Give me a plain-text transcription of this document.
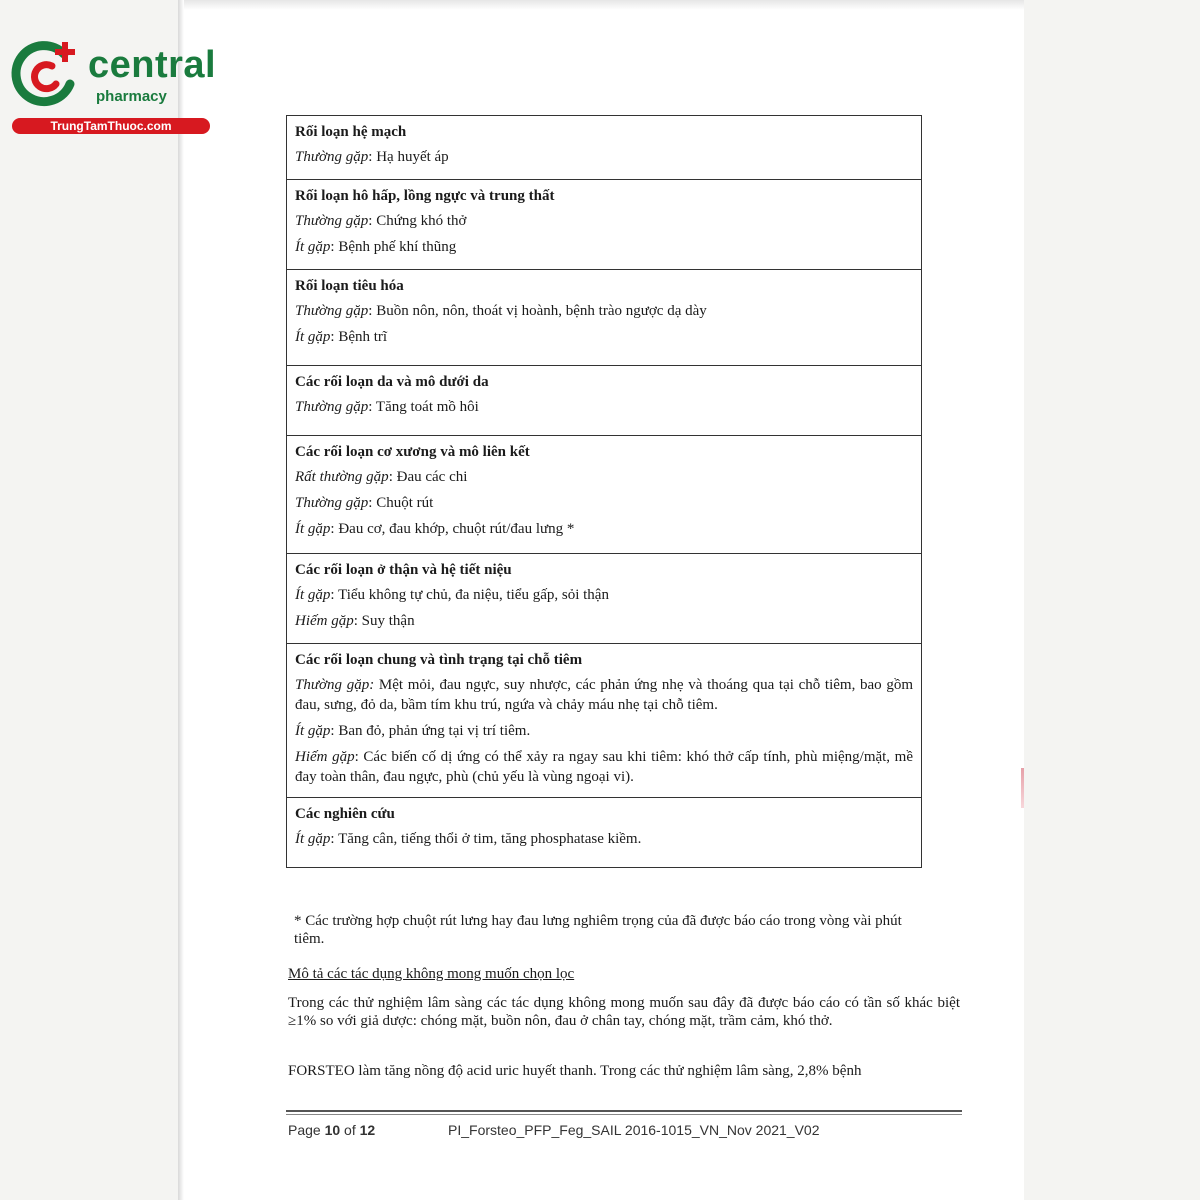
central
pharmacy
TrungTamThuoc.com	Rối loạn hệ mạch
Thường gặp: Hạ huyết áp

Rối loạn hô hấp, lồng ngực và trung thất
Thường gặp: Chứng khó thở
Ít gặp: Bệnh phế khí thũng

Rối loạn tiêu hóa
Thường gặp: Buồn nôn, nôn, thoát vị hoành, bệnh trào ngược dạ dày
Ít gặp: Bệnh trĩ

Các rối loạn da và mô dưới da
Thường gặp: Tăng toát mồ hôi

Các rối loạn cơ xương và mô liên kết
Rất thường gặp: Đau các chi
Thường gặp: Chuột rút
Ít gặp: Đau cơ, đau khớp, chuột rút/đau lưng *

Các rối loạn ở thận và hệ tiết niệu
Ít gặp: Tiểu không tự chủ, đa niệu, tiểu gấp, sỏi thận
Hiếm gặp: Suy thận

Các rối loạn chung và tình trạng tại chỗ tiêm
Thường gặp: Mệt mỏi, đau ngực, suy nhược, các phản ứng nhẹ và thoáng qua tại chỗ tiêm, bao gồm đau, sưng, đỏ da, bầm tím khu trú, ngứa và chảy máu nhẹ tại chỗ tiêm.
Ít gặp: Ban đỏ, phản ứng tại vị trí tiêm.
Hiếm gặp: Các biến cố dị ứng có thể xảy ra ngay sau khi tiêm: khó thở cấp tính, phù miệng/mặt, mề đay toàn thân, đau ngực, phù (chủ yếu là vùng ngoại vi).

Các nghiên cứu
Ít gặp: Tăng cân, tiếng thổi ở tim, tăng phosphatase kiềm.
* Các trường hợp chuột rút lưng hay đau lưng nghiêm trọng của đã được báo cáo trong vòng vài phút tiêm.
Mô tả các tác dụng không mong muốn chọn lọc
Trong các thử nghiệm lâm sàng các tác dụng không mong muốn sau đây đã được báo cáo có tần số khác biệt ≥1% so với giả dược: chóng mặt, buồn nôn, đau ở chân tay, chóng mặt, trầm cảm, khó thở.
FORSTEO làm tăng nồng độ acid uric huyết thanh. Trong các thử nghiệm lâm sàng, 2,8% bệnh
Page 10 of 12	PI_Forsteo_PFP_Feg_SAIL 2016-1015_VN_Nov 2021_V02
